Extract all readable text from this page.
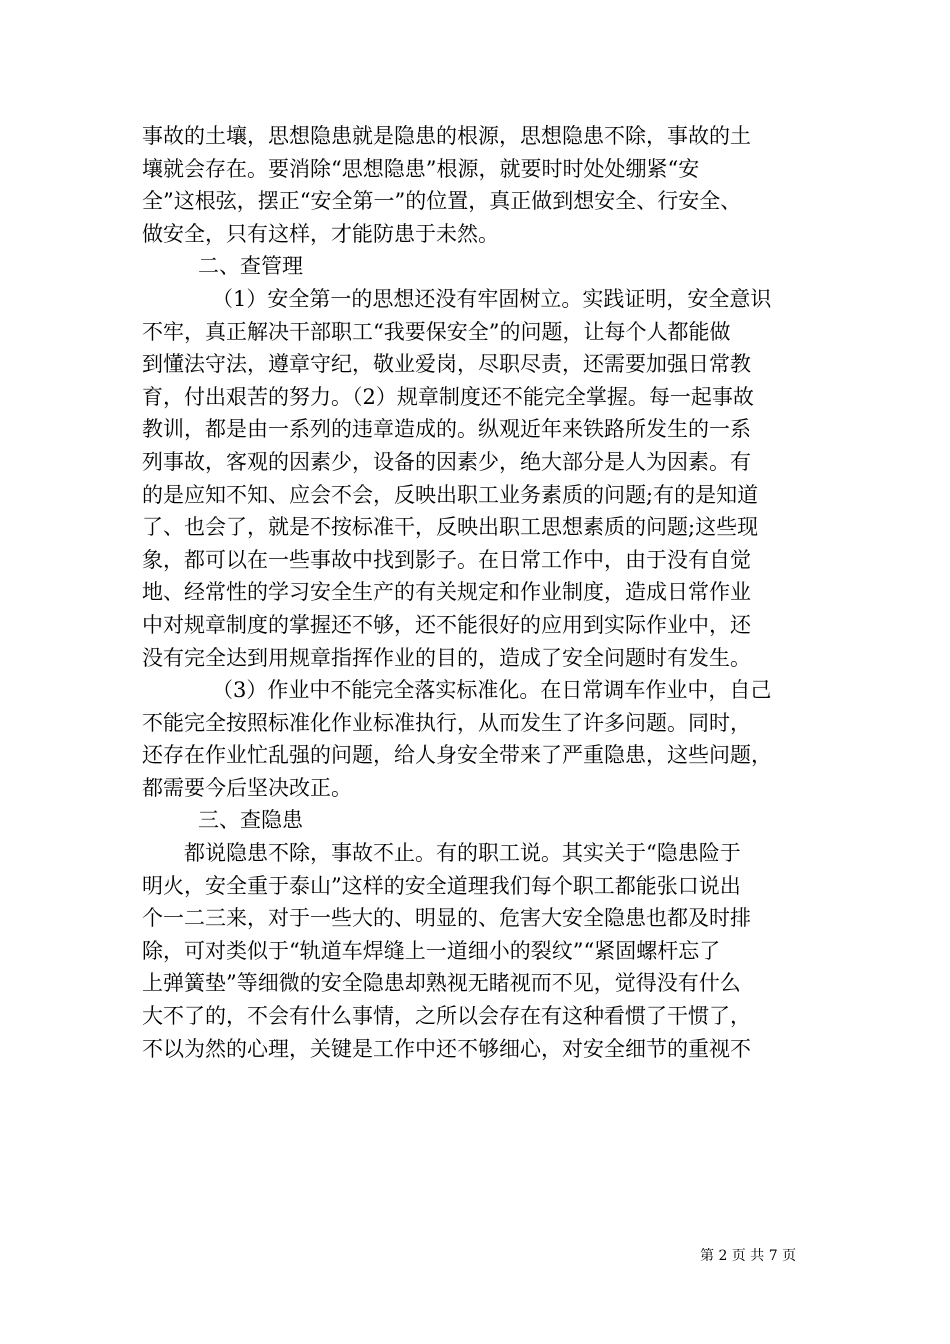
事故的土壤，思想隐患就是隐患的根源，思想隐患不除，事故的土
壤就会存在。要消除“思想隐患”根源，就要时时处处绷紧“安
全”这根弦，摆正“安全第一”的位置，真正做到想安全、行安全、
做安全，只有这样，才能防患于未然。
二、查管理
（1）安全第一的思想还没有牢固树立。实践证明，安全意识
不牢，真正解决干部职工“我要保安全”的问题，让每个人都能做
到懂法守法，遵章守纪，敬业爱岗，尽职尽责，还需要加强日常教
育，付出艰苦的努力。（2）规章制度还不能完全掌握。每一起事故
教训，都是由一系列的违章造成的。纵观近年来铁路所发生的一系
列事故，客观的因素少，设备的因素少，绝大部分是人为因素。有
的是应知不知、应会不会，反映出职工业务素质的问题;有的是知道
了、也会了，就是不按标准干，反映出职工思想素质的问题;这些现
象，都可以在一些事故中找到影子。在日常工作中，由于没有自觉
地、经常性的学习安全生产的有关规定和作业制度，造成日常作业
中对规章制度的掌握还不够，还不能很好的应用到实际作业中，还
没有完全达到用规章指挥作业的目的，造成了安全问题时有发生。
（3）作业中不能完全落实标准化。在日常调车作业中，自己
不能完全按照标准化作业标准执行，从而发生了许多问题。同时，
还存在作业忙乱强的问题，给人身安全带来了严重隐患，这些问题，
都需要今后坚决改正。
三、查隐患
都说隐患不除，事故不止。有的职工说。其实关于“隐患险于
明火，安全重于泰山”这样的安全道理我们每个职工都能张口说出
个一二三来，对于一些大的、明显的、危害大安全隐患也都及时排
除，可对类似于“轨道车焊缝上一道细小的裂纹”“紧固螺杆忘了
上弹簧垫”等细微的安全隐患却熟视无睹视而不见，觉得没有什么
大不了的，不会有什么事情，之所以会存在有这种看惯了干惯了，
不以为然的心理，关键是工作中还不够细心，对安全细节的重视不
第 2 页 共 7 页
